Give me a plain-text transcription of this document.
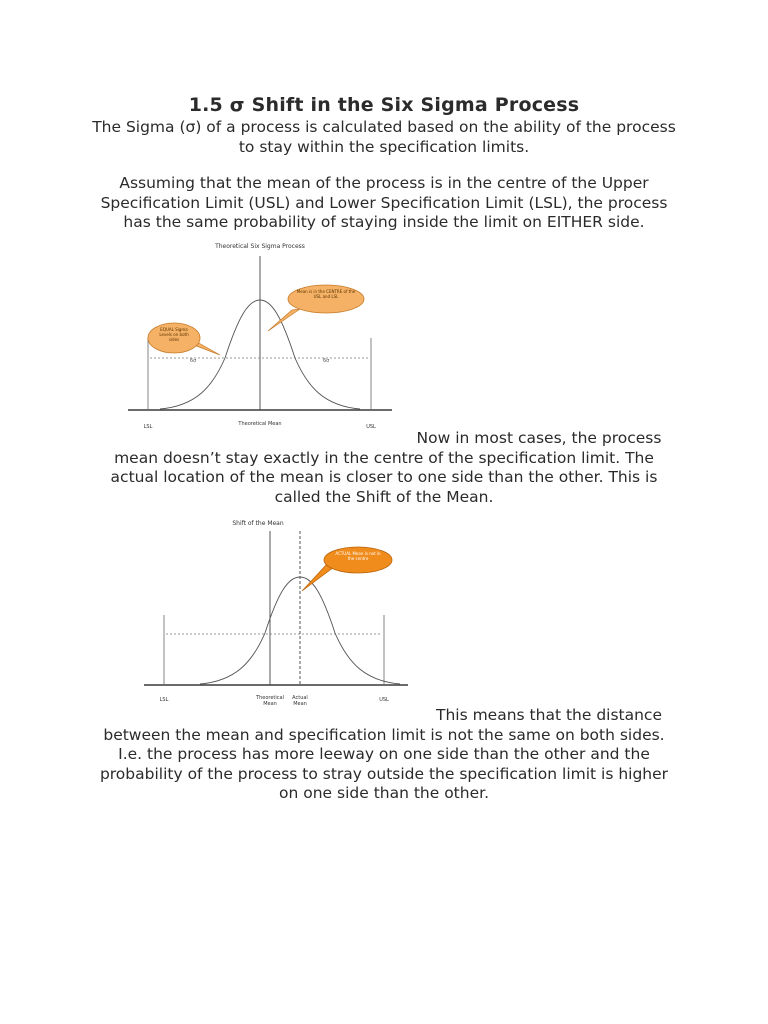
1.5 σ Shift in the Six Sigma Process
The Sigma (σ) of a process is calculated based on the ability of the process to stay within the specification limits.
Assuming that the mean of the process is in the centre of the Upper Specification Limit (USL) and Lower Specification Limit (LSL), the process has the same probability of staying inside the limit on EITHER side.
Theoretical Six Sigma Process
6σ	6σ
Mean is in the CENTRE of the USL and LSL
EQUAL Sigma Levels on both sides
LSL	Theoretical Mean	USL
Now in most cases, the process mean doesn’t stay exactly in the centre of the specification limit. The actual location of the mean is closer to one side than the other. This is called the Shift of the Mean.
Shift of the Mean
ACTUAL Mean is not in the centre
LSL	Theoretical Mean
Actual Mean
USL
This means that the distance between the mean and specification limit is not the same on both sides. I.e. the process has more leeway on one side than the other and the probability of the process to stray outside the specification limit is higher on one side than the other.
